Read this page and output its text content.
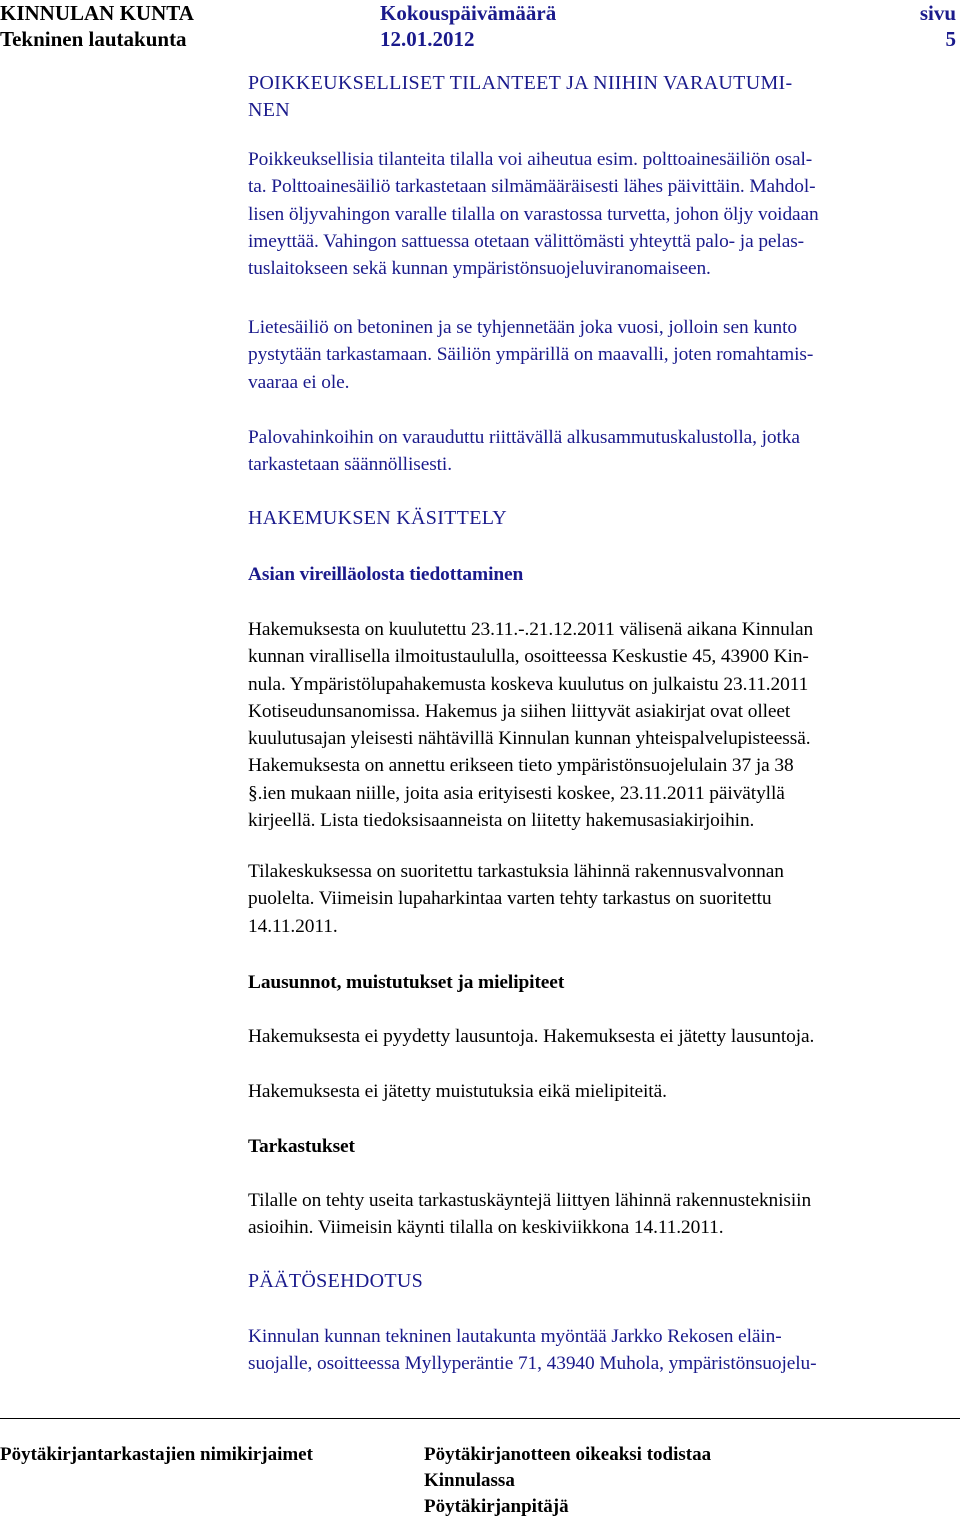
KINNULAN KUNTA
Tekninen lautakunta
Kokouspäivämäärä
12.01.2012
sivu
5

POIKKEUKSELLISET TILANTEET JA NIIHIN VARAUTUMI-

NEN

Poikkeuksellisia tilanteita tilalla voi aiheutua esim. polttoainesäiliön osal-

ta. Polttoainesäiliö tarkastetaan silmämääräisesti lähes päivittäin. Mahdol-

lisen öljyvahingon varalle tilalla on varastossa turvetta, johon öljy voidaan

imeyttää. Vahingon sattuessa otetaan välittömästi yhteyttä palo- ja pelas-

tuslaitokseen sekä kunnan ympäristönsuojeluviranomaiseen.

Lietesäiliö on betoninen ja se tyhjennetään joka vuosi, jolloin sen kunto

pystytään tarkastamaan. Säiliön ympärillä on maavalli, joten romahtamis-

vaaraa ei ole.

Palovahinkoihin on varauduttu riittävällä alkusammutuskalustolla, jotka

tarkastetaan säännöllisesti.

HAKEMUKSEN KÄSITTELY

Asian vireilläolosta tiedottaminen

Hakemuksesta on kuulutettu 23.11.-.21.12.2011 välisenä aikana Kinnulan

kunnan virallisella ilmoitustaululla, osoitteessa Keskustie 45, 43900 Kin-

nula. Ympäristölupahakemusta koskeva kuulutus on julkaistu 23.11.2011

Kotiseudunsanomissa. Hakemus ja siihen liittyvät asiakirjat ovat olleet

kuulutusajan yleisesti nähtävillä Kinnulan kunnan yhteispalvelupisteessä.

Hakemuksesta on annettu erikseen tieto ympäristönsuojelulain 37 ja 38

§.ien mukaan niille, joita asia erityisesti koskee, 23.11.2011 päivätyllä

kirjeellä. Lista tiedoksisaanneista on liitetty hakemusasiakirjoihin.

Tilakeskuksessa on suoritettu tarkastuksia lähinnä rakennusvalvonnan

puolelta. Viimeisin lupaharkintaa varten tehty tarkastus on suoritettu

14.11.2011.

Lausunnot, muistutukset ja mielipiteet

Hakemuksesta ei pyydetty lausuntoja. Hakemuksesta ei jätetty lausuntoja.

Hakemuksesta ei jätetty muistutuksia eikä mielipiteitä.

Tarkastukset

Tilalle on tehty useita tarkastuskäyntejä liittyen lähinnä rakennusteknisiin

asioihin. Viimeisin käynti tilalla on keskiviikkona 14.11.2011.

PÄÄTÖSEHDOTUS

Kinnulan kunnan tekninen lautakunta myöntää Jarkko Rekosen eläin-

suojalle, osoitteessa Myllyperäntie 71, 43940 Muhola, ympäristönsuojelu-

Pöytäkirjantarkastajien nimikirjaimet	Pöytäkirjanotteen oikeaksi todistaa
Kinnulassa
Pöytäkirjanpitäjä
